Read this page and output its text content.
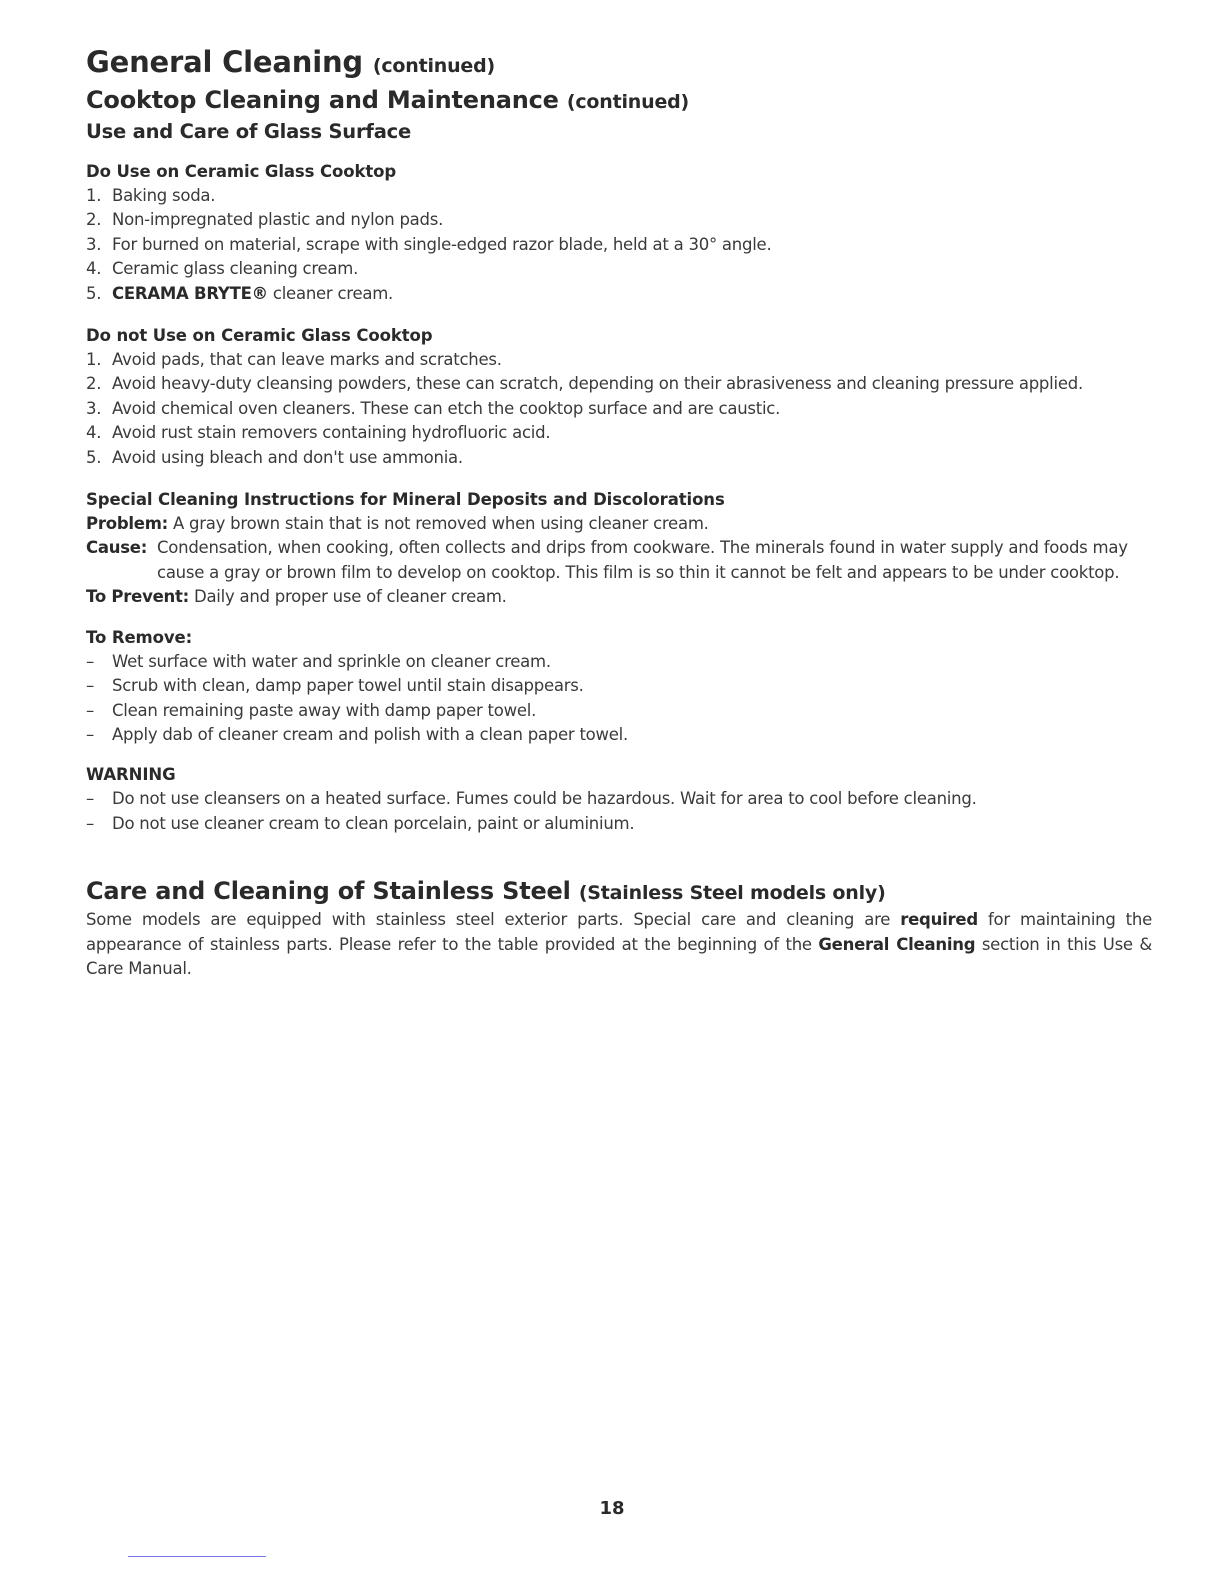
General Cleaning (continued)
Cooktop Cleaning and Maintenance (continued)
Use and Care of Glass Surface

Do Use on Ceramic Glass Cooktop

1. Baking soda.
2. Non-impregnated plastic and nylon pads.
3. For burned on material, scrape with single-edged razor blade, held at a 30° angle.
4. Ceramic glass cleaning cream.
5. CERAMA BRYTE® cleaner cream.

Do not Use on Ceramic Glass Cooktop

1. Avoid pads, that can leave marks and scratches.
2. Avoid heavy-duty cleansing powders, these can scratch, depending on their abrasiveness and cleaning pressure applied.
3. Avoid chemical oven cleaners. These can etch the cooktop surface and are caustic.
4. Avoid rust stain removers containing hydrofluoric acid.
5. Avoid using bleach and don't use ammonia.

Special Cleaning Instructions for Mineral Deposits and Discolorations

Problem: A gray brown stain that is not removed when using cleaner cream.
Cause: Condensation, when cooking, often collects and drips from cookware. The minerals found in water supply and foods may cause a gray or brown film to develop on cooktop. This film is so thin it cannot be felt and appears to be under cooktop.
To Prevent: Daily and proper use of cleaner cream.

To Remove:

– Wet surface with water and sprinkle on cleaner cream.
– Scrub with clean, damp paper towel until stain disappears.
– Clean remaining paste away with damp paper towel.
– Apply dab of cleaner cream and polish with a clean paper towel.

WARNING

– Do not use cleansers on a heated surface. Fumes could be hazardous. Wait for area to cool before cleaning.
– Do not use cleaner cream to clean porcelain, paint or aluminium.
Care and Cleaning of Stainless Steel (Stainless Steel models only)

Some models are equipped with stainless steel exterior parts. Special care and cleaning are required for maintaining the appearance of stainless parts. Please refer to the table provided at the beginning of the General Cleaning section in this Use & Care Manual.

18
